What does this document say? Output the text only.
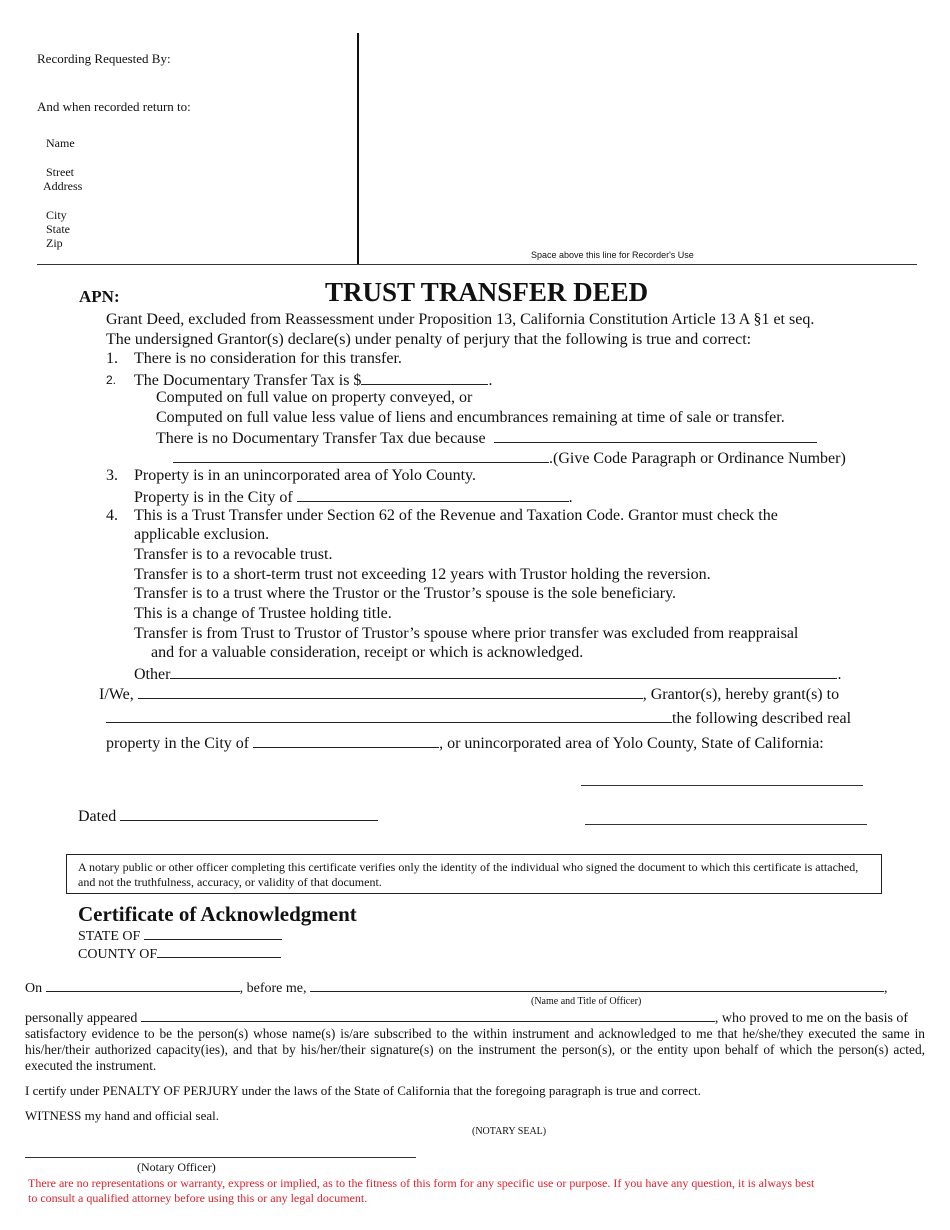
Recording Requested By:
And when recorded return to:
Name
Street
Address
City
State
Zip
Space above this line for Recorder's Use
APN:	TRUST TRANSFER DEED
Grant Deed, excluded from Reassessment under Proposition 13, California Constitution Article 13 A §1 et seq.
The undersigned Grantor(s) declare(s) under penalty of perjury that the following is true and correct:
1. There is no consideration for this transfer.
2. The Documentary Transfer Tax is $	.
Computed on full value on property conveyed, or
Computed on full value less value of liens and encumbrances remaining at time of sale or transfer.
There is no Documentary Transfer Tax due because
.(Give Code Paragraph or Ordinance Number)
3. Property is in an unincorporated area of Yolo County.
Property is in the City of	.
4. This is a Trust Transfer under Section 62 of the Revenue and Taxation Code. Grantor must check the
applicable exclusion.
Transfer is to a revocable trust.
Transfer is to a short-term trust not exceeding 12 years with Trustor holding the reversion.
Transfer is to a trust where the Trustor or the Trustor’s spouse is the sole beneficiary.
This is a change of Trustee holding title.
Transfer is from Trust to Trustor of Trustor’s spouse where prior transfer was excluded from reappraisal
and for a valuable consideration, receipt or which is acknowledged.
Other	.
I/We,	, Grantor(s), hereby grant(s) to
the following described real
property in the City of	, or unincorporated area of Yolo County, State of California:
Dated
A notary public or other officer completing this certificate verifies only the identity of the individual who signed the document to which this certificate is attached, and not the truthfulness, accuracy, or validity of that document.
Certificate of Acknowledgment
STATE OF
COUNTY OF
On	, before me,	,
(Name and Title of Officer)
personally appeared	, who proved to me on the basis of
satisfactory evidence to be the person(s) whose name(s) is/are subscribed to the within instrument and acknowledged to me that he/she/they executed the same in his/her/their authorized capacity(ies), and that by his/her/their signature(s) on the instrument the person(s), or the entity upon behalf of which the person(s) acted, executed the instrument.
I certify under PENALTY OF PERJURY under the laws of the State of California that the foregoing paragraph is true and correct.
WITNESS my hand and official seal.
(NOTARY SEAL)
(Notary Officer)
There are no representations or warranty, express or implied, as to the fitness of this form for any specific use or purpose. If you have any question, it is always best
to consult a qualified attorney before using this or any legal document.
